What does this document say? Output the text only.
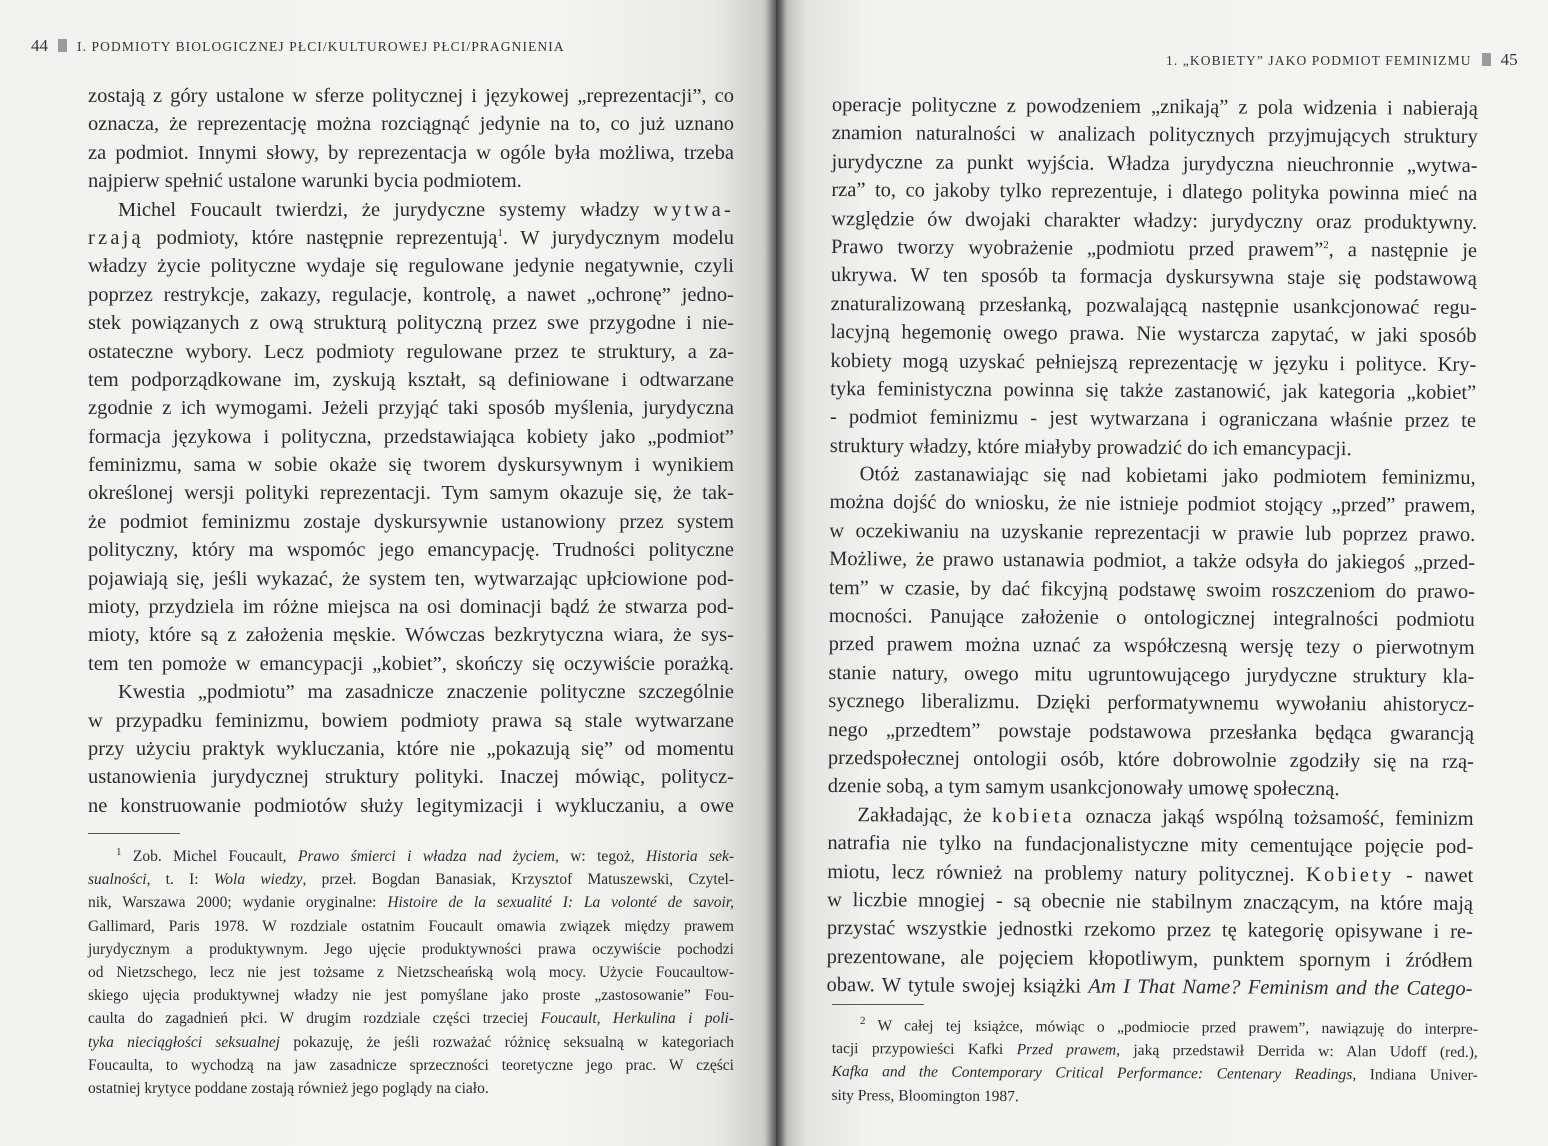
44 I. PODMIOTY BIOLOGICZNEJ PŁCI/KULTUROWEJ PŁCI/PRAGNIENIA
zostają z góry ustalone w sferze politycznej i językowej „reprezentacji”, co
oznacza, że reprezentację można rozciągnąć jedynie na to, co już uznano
za podmiot. Innymi słowy, by reprezentacja w ogóle była możliwa, trzeba
najpierw spełnić ustalone warunki bycia podmiotem.
Michel Foucault twierdzi, że jurydyczne systemy władzy wytwa-
rzają podmioty, które następnie reprezentują$^1$. W jurydycznym modelu
władzy życie polityczne wydaje się regulowane jedynie negatywnie, czyli
poprzez restrykcje, zakazy, regulacje, kontrolę, a nawet „ochronę” jedno-
stek powiązanych z ową strukturą polityczną przez swe przygodne i nie-
ostateczne wybory. Lecz podmioty regulowane przez te struktury, a za-
tem podporządkowane im, zyskują kształt, są definiowane i odtwarzane
zgodnie z ich wymogami. Jeżeli przyjąć taki sposób myślenia, jurydyczna
formacja językowa i polityczna, przedstawiająca kobiety jako „podmiot”
feminizmu, sama w sobie okaże się tworem dyskursywnym i wynikiem
określonej wersji polityki reprezentacji. Tym samym okazuje się, że tak-
że podmiot feminizmu zostaje dyskursywnie ustanowiony przez system
polityczny, który ma wspomóc jego emancypację. Trudności polityczne
pojawiają się, jeśli wykazać, że system ten, wytwarzając upłciowione pod-
mioty, przydziela im różne miejsca na osi dominacji bądź że stwarza pod-
mioty, które są z założenia męskie. Wówczas bezkrytyczna wiara, że sys-
tem ten pomoże w emancypacji „kobiet”, skończy się oczywiście porażką.
Kwestia „podmiotu” ma zasadnicze znaczenie polityczne szczególnie
w przypadku feminizmu, bowiem podmioty prawa są stale wytwarzane
przy użyciu praktyk wykluczania, które nie „pokazują się” od momentu
ustanowienia jurydycznej struktury polityki. Inaczej mówiąc, politycz-
ne konstruowanie podmiotów służy legitymizacji i wykluczaniu, a owe
$^1$ Zob. Michel Foucault, Prawo śmierci i władza nad życiem, w: tegoż, Historia sek-
sualności, t. I: Wola wiedzy, przeł. Bogdan Banasiak, Krzysztof Matuszewski, Czytel-
nik, Warszawa 2000; wydanie oryginalne: Histoire de la sexualité I: La volonté de savoir,
Gallimard, Paris 1978. W rozdziale ostatnim Foucault omawia związek między prawem
jurydycznym a produktywnym. Jego ujęcie produktywności prawa oczywiście pochodzi
od Nietzschego, lecz nie jest tożsame z Nietzscheańską wolą mocy. Użycie Foucaultow-
skiego ujęcia produktywnej władzy nie jest pomyślane jako proste „zastosowanie” Fou-
caulta do zagadnień płci. W drugim rozdziale części trzeciej Foucault, Herkulina i poli-
tyka nieciągłości seksualnej pokazuję, że jeśli rozważać różnicę seksualną w kategoriach
Foucaulta, to wychodzą na jaw zasadnicze sprzeczności teoretyczne jego prac. W części
ostatniej krytyce poddane zostają również jego poglądy na ciało.
1. „KOBIETY” JAKO PODMIOT FEMINIZMU 45
operacje polityczne z powodzeniem „znikają” z pola widzenia i nabierają
znamion naturalności w analizach politycznych przyjmujących struktury
jurydyczne za punkt wyjścia. Władza jurydyczna nieuchronnie „wytwa-
rza” to, co jakoby tylko reprezentuje, i dlatego polityka powinna mieć na
względzie ów dwojaki charakter władzy: jurydyczny oraz produktywny.
Prawo tworzy wyobrażenie „podmiotu przed prawem”$^2$, a następnie je
ukrywa. W ten sposób ta formacja dyskursywna staje się podstawową
znaturalizowaną przesłanką, pozwalającą następnie usankcjonować regu-
lacyjną hegemonię owego prawa. Nie wystarcza zapytać, w jaki sposób
kobiety mogą uzyskać pełniejszą reprezentację w języku i polityce. Kry-
tyka feministyczna powinna się także zastanowić, jak kategoria „kobiet”
- podmiot feminizmu - jest wytwarzana i ograniczana właśnie przez te
struktury władzy, które miałyby prowadzić do ich emancypacji.
Otóż zastanawiając się nad kobietami jako podmiotem feminizmu,
można dojść do wniosku, że nie istnieje podmiot stojący „przed” prawem,
w oczekiwaniu na uzyskanie reprezentacji w prawie lub poprzez prawo.
Możliwe, że prawo ustanawia podmiot, a także odsyła do jakiegoś „przed-
tem” w czasie, by dać fikcyjną podstawę swoim roszczeniom do prawo-
mocności. Panujące założenie o ontologicznej integralności podmiotu
przed prawem można uznać za współczesną wersję tezy o pierwotnym
stanie natury, owego mitu ugruntowującego jurydyczne struktury kla-
sycznego liberalizmu. Dzięki performatywnemu wywołaniu ahistorycz-
nego „przedtem” powstaje podstawowa przesłanka będąca gwarancją
przedspołecznej ontologii osób, które dobrowolnie zgodziły się na rzą-
dzenie sobą, a tym samym usankcjonowały umowę społeczną.
Zakładając, że kobieta oznacza jakąś wspólną tożsamość, feminizm
natrafia nie tylko na fundacjonalistyczne mity cementujące pojęcie pod-
miotu, lecz również na problemy natury politycznej. Kobiety - nawet
w liczbie mnogiej - są obecnie nie stabilnym znaczącym, na które mają
przystać wszystkie jednostki rzekomo przez tę kategorię opisywane i re-
prezentowane, ale pojęciem kłopotliwym, punktem spornym i źródłem
obaw. W tytule swojej książki Am I That Name? Feminism and the Catego-
$^2$ W całej tej książce, mówiąc o „podmiocie przed prawem”, nawiązuję do interpre-
tacji przypowieści Kafki Przed prawem, jaką przedstawił Derrida w: Alan Udoff (red.),
Kafka and the Contemporary Critical Performance: Centenary Readings, Indiana Univer-
sity Press, Bloomington 1987.
